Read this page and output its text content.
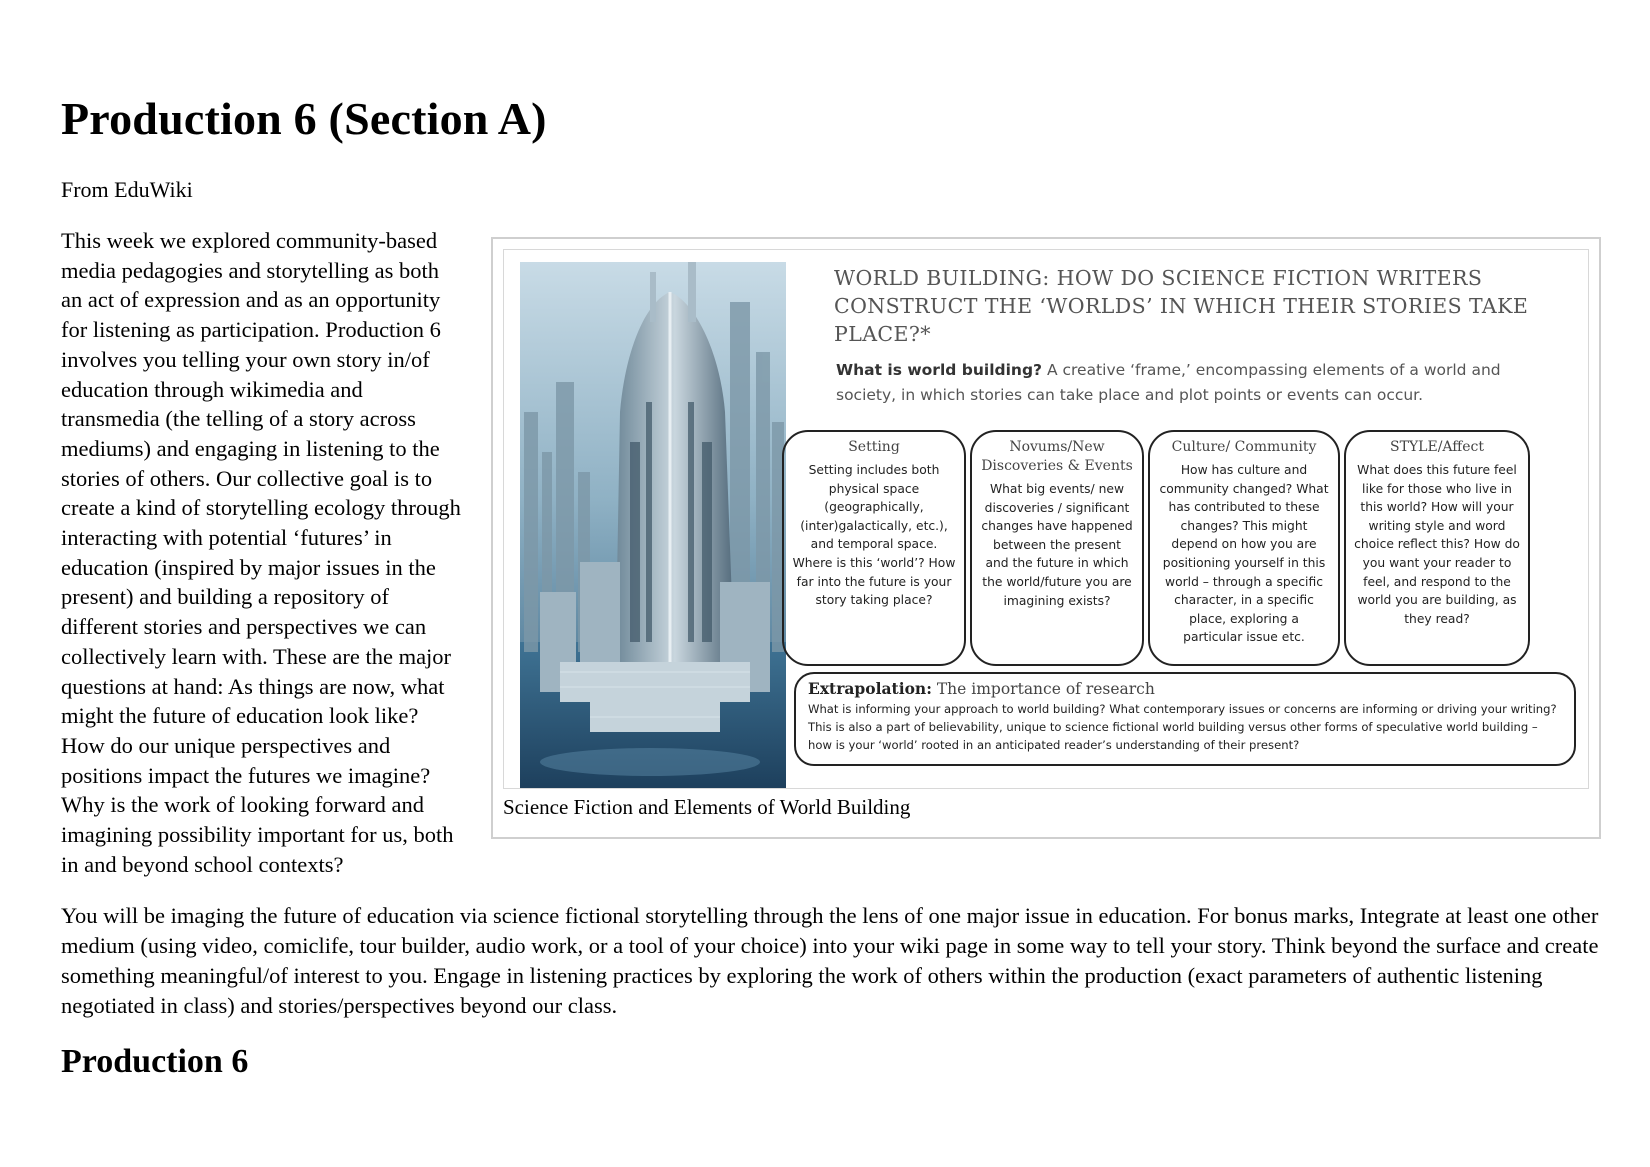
Production 6 (Section A)
From EduWiki
WORLD BUILDING: HOW DO SCIENCE FICTION WRITERS CONSTRUCT THE ‘WORLDS’ IN WHICH THEIR STORIES TAKE PLACE?*
What is world building? A creative ‘frame,’ encompassing elements of a world and society, in which stories can take place and plot points or events can occur.
Setting
Setting includes both physical space (geographically, (inter)galactically, etc.), and temporal space. Where is this ‘world’? How far into the future is your story taking place?
Novums/New Discoveries & Events
What big events/ new discoveries / significant changes have happened between the present and the future in which the world/future you are imagining exists?
Culture/ Community
How has culture and community changed? What has contributed to these changes? This might depend on how you are positioning yourself in this world – through a specific character, in a specific place, exploring a particular issue etc.
STYLE/Affect
What does this future feel like for those who live in this world? How will your writing style and word choice reflect this? How do you want your reader to feel, and respond to the world you are building, as they read?
Extrapolation: The importance of research
What is informing your approach to world building? What contemporary issues or concerns are informing or driving your writing? This is also a part of believability, unique to science fictional world building versus other forms of speculative world building – how is your ‘world’ rooted in an anticipated reader’s understanding of their present?
Science Fiction and Elements of World Building

This week we explored community-based media pedagogies and storytelling as both an act of expression and as an opportunity for listening as participation. Production 6 involves you telling your own story in/of education through wikimedia and transmedia (the telling of a story across mediums) and engaging in listening to the stories of others. Our collective goal is to create a kind of storytelling ecology through interacting with potential ‘futures’ in education (inspired by major issues in the present) and building a repository of different stories and perspectives we can collectively learn with. These are the major questions at hand: As things are now, what might the future of education look like? How do our unique perspectives and positions impact the futures we imagine? Why is the work of looking forward and imagining possibility important for us, both in and beyond school contexts?

You will be imaging the future of education via science fictional storytelling through the lens of one major issue in education. For bonus marks, Integrate at least one other medium (using video, comiclife, tour builder, audio work, or a tool of your choice) into your wiki page in some way to tell your story. Think beyond the surface and create something meaningful/of interest to you. Engage in listening practices by exploring the work of others within the production (exact parameters of authentic listening negotiated in class) and stories/perspectives beyond our class.

Production 6
